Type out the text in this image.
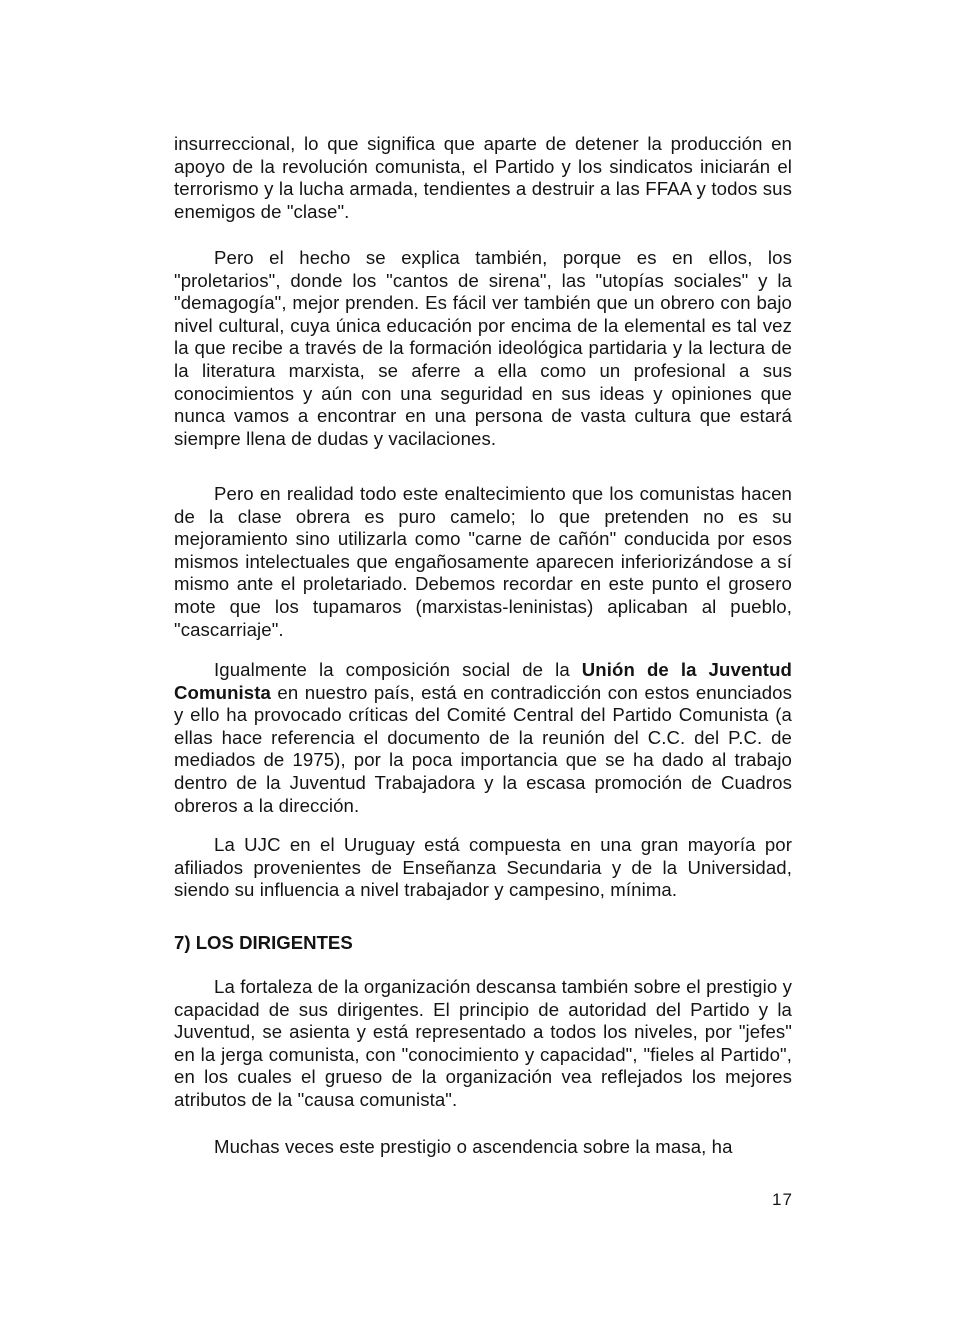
insurreccional, lo que significa que aparte de detener la producción en apoyo de la revolución comunista, el Partido y los sindicatos iniciarán el terrorismo y la lucha armada, tendientes a destruir a las FFAA y todos sus enemigos de "clase".

Pero el hecho se explica también, porque es en ellos, los "proletarios", donde los "cantos de sirena", las "utopías sociales" y la "demagogía", mejor prenden. Es fácil ver también que un obrero con bajo nivel cultural, cuya única educación por encima de la elemental es tal vez la que recibe a través de la formación ideológica partidaria y la lectura de la literatura marxista, se aferre a ella como un profesional a sus conocimientos y aún con una seguridad en sus ideas y opiniones que nunca vamos a encontrar en una persona de vasta cultura que estará siempre llena de dudas y vacilaciones.

Pero en realidad todo este enaltecimiento que los comunistas hacen de la clase obrera es puro camelo; lo que pretenden no es su mejoramiento sino utilizarla como "carne de cañón" conducida por esos mismos intelectuales que engañosamente aparecen inferiorizándose a sí mismo ante el proletariado. Debemos recordar en este punto el grosero mote que los tupamaros (marxistas-leninistas) aplicaban al pueblo, "cascarriaje".

Igualmente la composición social de la Unión de la Juventud Comunista en nuestro país, está en contradicción con estos enunciados y ello ha provocado críticas del Comité Central del Partido Comunista (a ellas hace referencia el documento de la reunión del C.C. del P.C. de mediados de 1975), por la poca importancia que se ha dado al trabajo dentro de la Juventud Trabajadora y la escasa promoción de Cuadros obreros a la dirección.

La UJC en el Uruguay está compuesta en una gran mayoría por afiliados provenientes de Enseñanza Secundaria y de la Universidad, siendo su influencia a nivel trabajador y campesino, mínima.

7) LOS DIRIGENTES

La fortaleza de la organización descansa también sobre el prestigio y capacidad de sus dirigentes. El principio de autoridad del Partido y la Juventud, se asienta y está representado a todos los niveles, por "jefes" en la jerga comunista, con "conocimiento y capacidad", "fieles al Partido", en los cuales el grueso de la organización vea reflejados los mejores atributos de la "causa comunista".

Muchas veces este prestigio o ascendencia sobre la masa, ha

17
